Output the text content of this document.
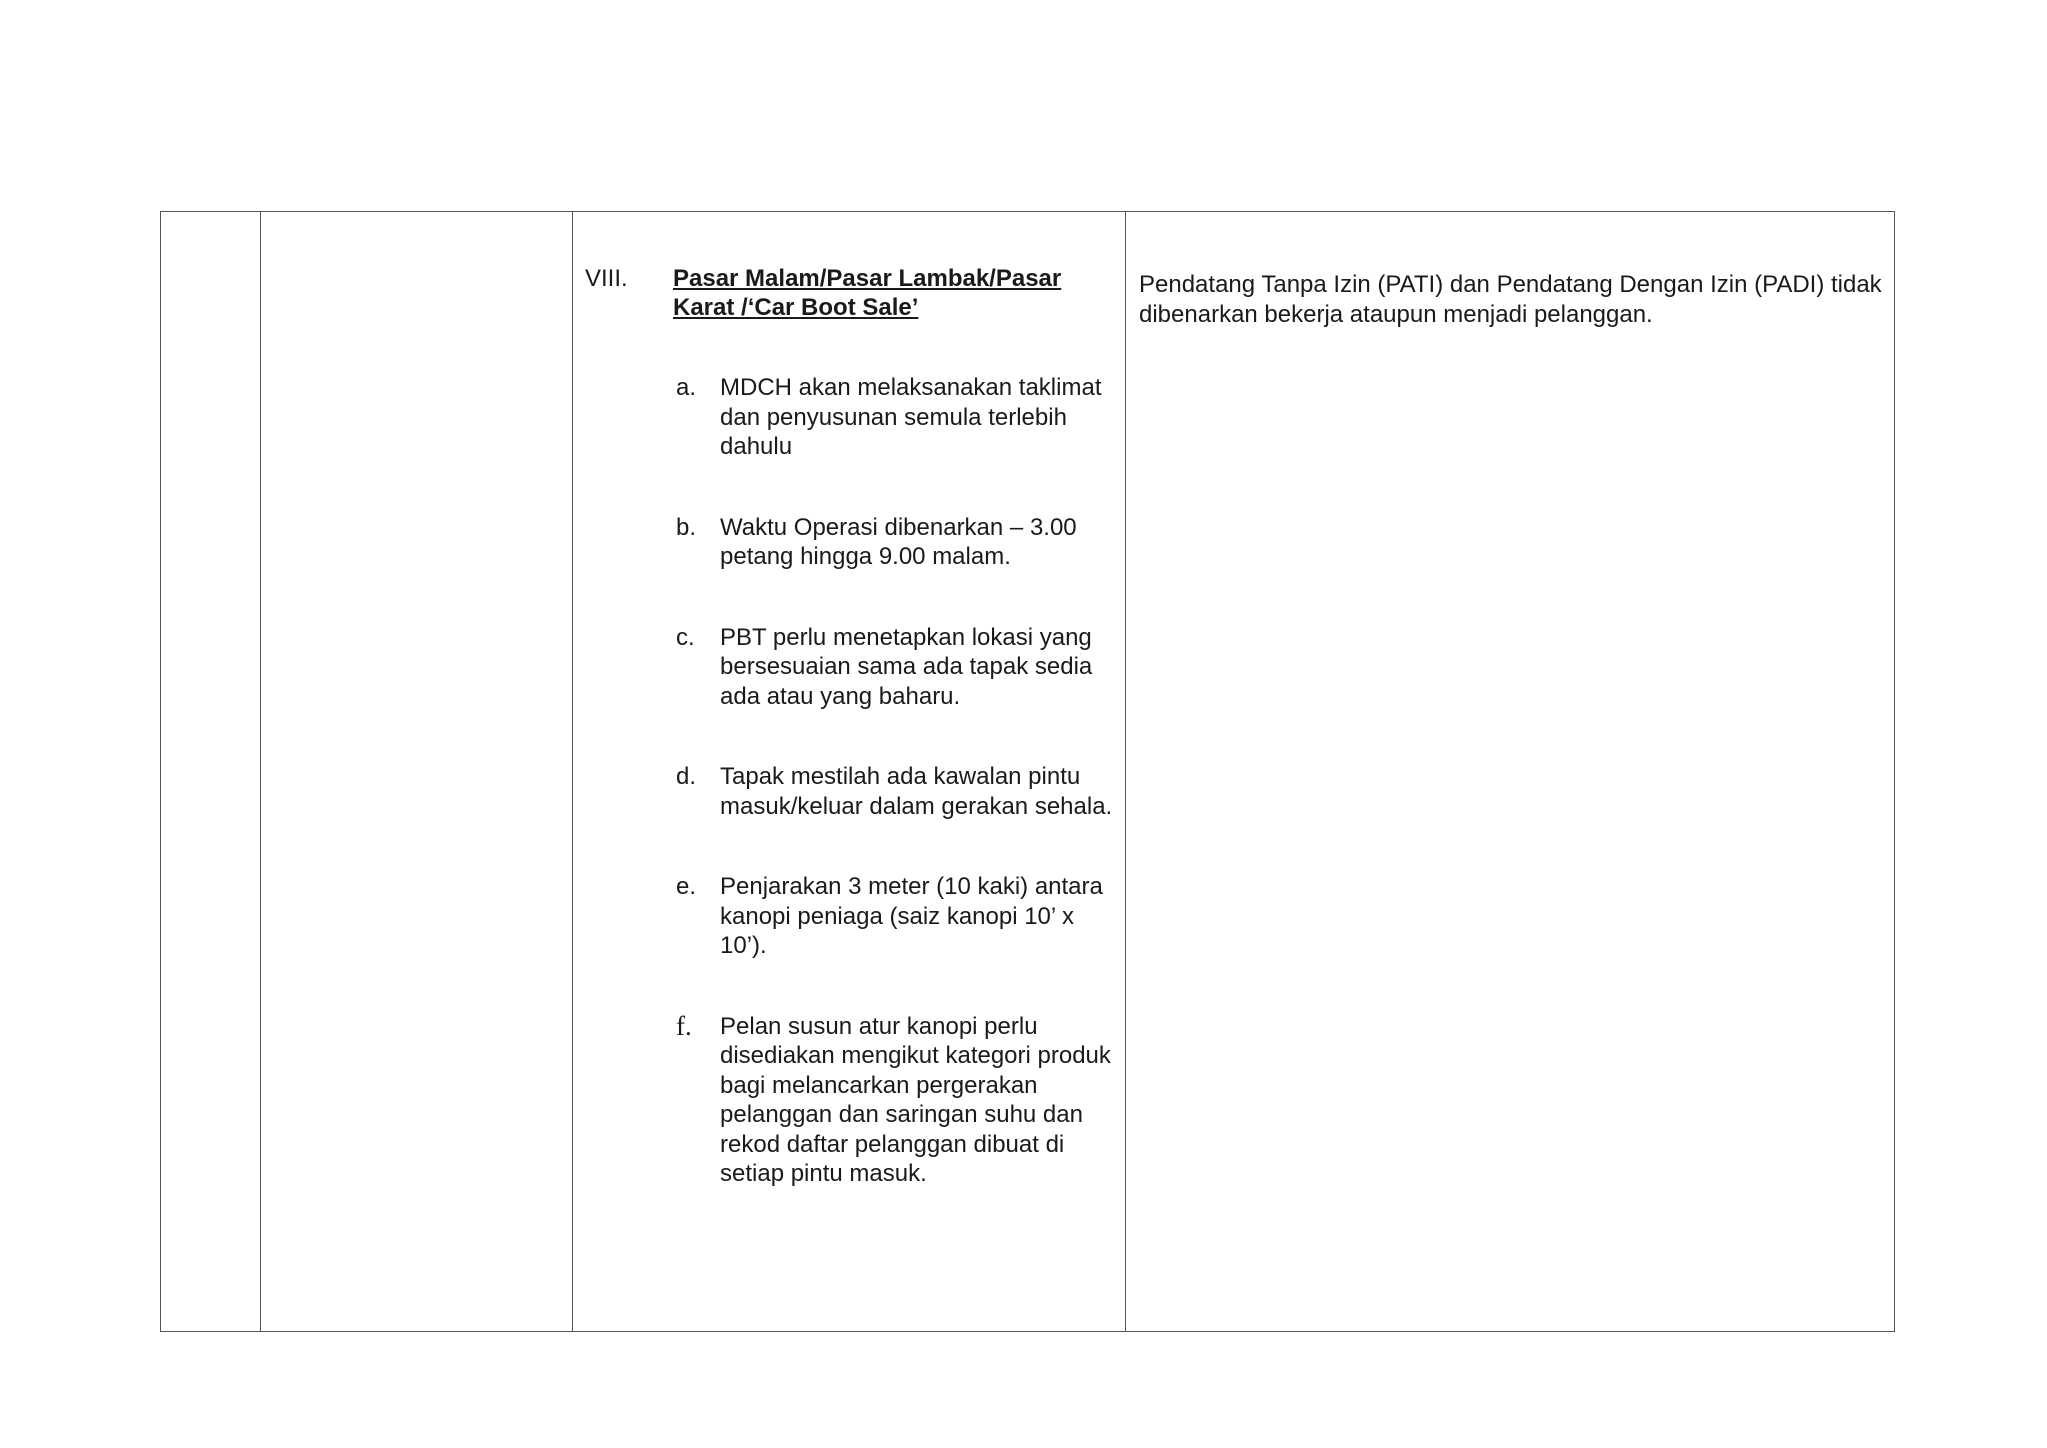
VIII.	Pasar Malam/Pasar Lambak/Pasar Karat /‘Car Boot Sale’
a. MDCH akan melaksanakan taklimat dan penyusunan semula terlebih dahulu
b. Waktu Operasi dibenarkan – 3.00 petang hingga 9.00 malam.
c.	PBT perlu menetapkan lokasi yang bersesuaian sama ada tapak sedia ada atau yang baharu.
d. Tapak mestilah ada kawalan pintu masuk/keluar dalam gerakan sehala.
e. Penjarakan 3 meter (10 kaki) antara kanopi peniaga (saiz kanopi 10’ x 10’).
f.	Pelan susun atur kanopi perlu disediakan mengikut kategori produk bagi melancarkan pergerakan pelanggan dan saringan suhu dan rekod daftar pelanggan dibuat di setiap pintu masuk.
Pendatang Tanpa Izin (PATI) dan Pendatang Dengan Izin (PADI) tidak dibenarkan bekerja ataupun menjadi pelanggan.
